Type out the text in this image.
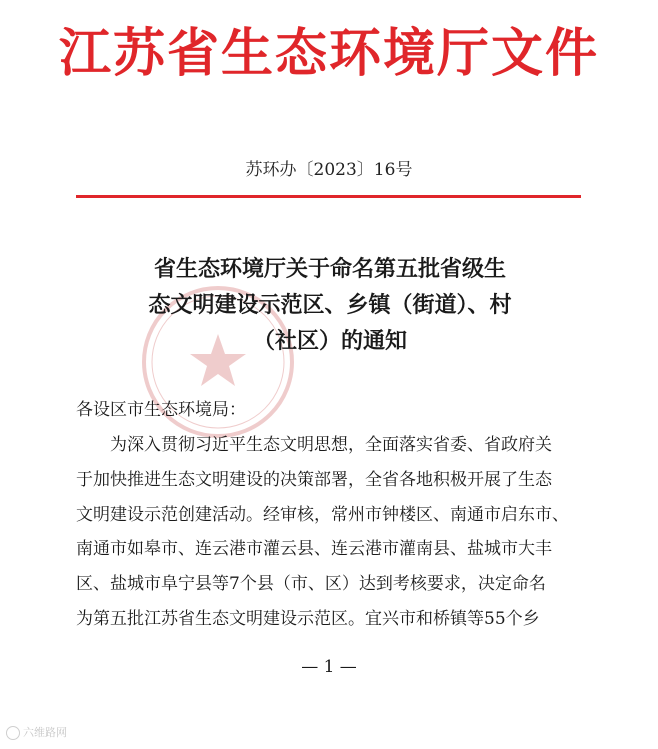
江苏省生态环境厅文件
苏环办〔2023〕16号
省生态环境厅关于命名第五批省级生
态文明建设示范区、乡镇（街道）、村
（社区）的通知
各设区市生态环境局：
　　为深入贯彻习近平生态文明思想，全面落实省委、省政府关
于加快推进生态文明建设的决策部署，全省各地积极开展了生态
文明建设示范创建活动。经审核，常州市钟楼区、南通市启东市、
南通市如皋市、连云港市灌云县、连云港市灌南县、盐城市大丰
区、盐城市阜宁县等7个县（市、区）达到考核要求，决定命名
为第五批江苏省生态文明建设示范区。宜兴市和桥镇等55个乡
— 1 —
六维路网
